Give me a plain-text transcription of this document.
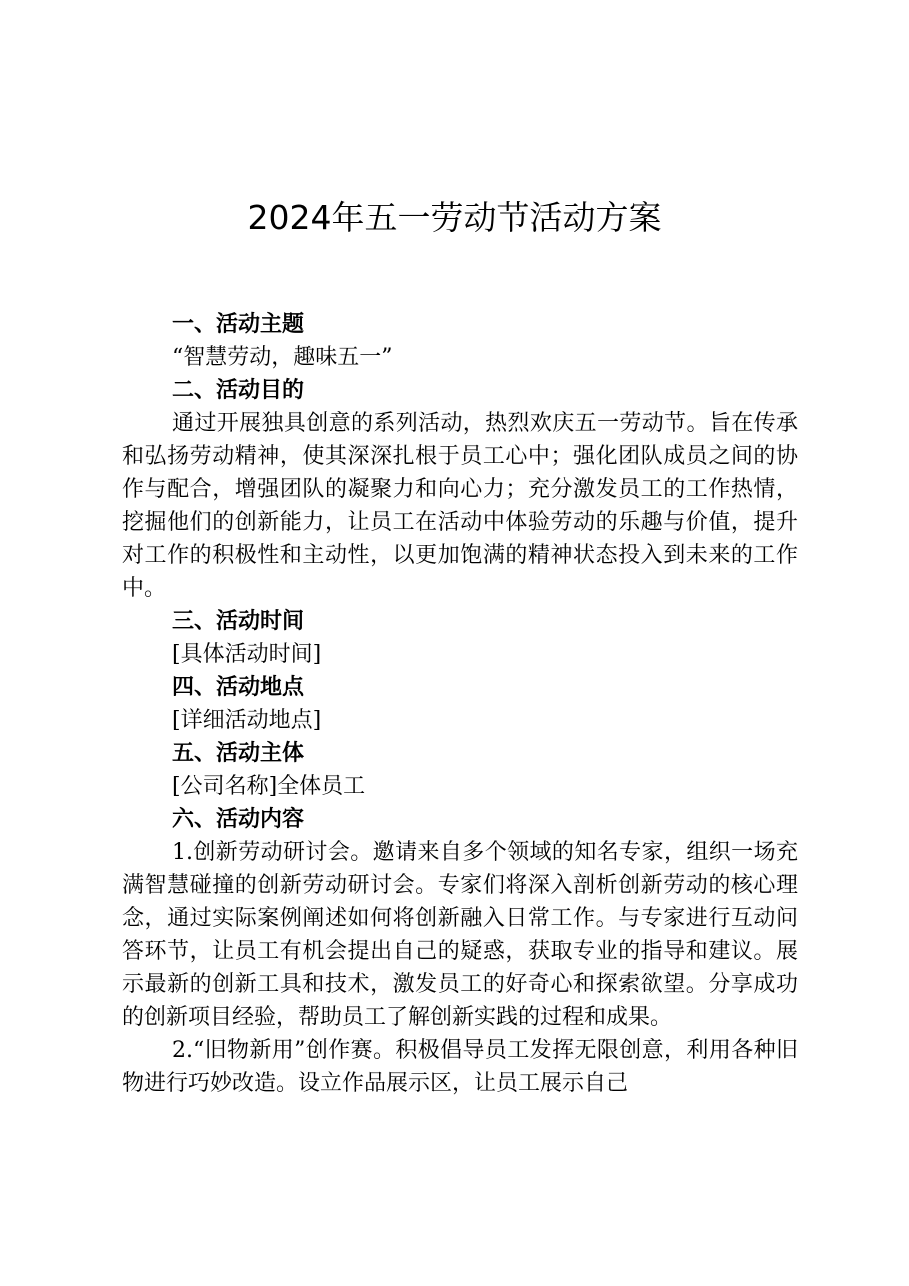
2024年五一劳动节活动方案
一、活动主题
“智慧劳动，趣味五一”
二、活动目的

通过开展独具创意的系列活动，热烈欢庆五一劳动节。旨在传承和弘扬劳动精神，使其深深扎根于员工心中；强化团队成员之间的协作与配合，增强团队的凝聚力和向心力；充分激发员工的工作热情，挖掘他们的创新能力，让员工在活动中体验劳动的乐趣与价值，提升对工作的积极性和主动性，以更加饱满的精神状态投入到未来的工作中。

三、活动时间
[具体活动时间]
四、活动地点
[详细活动地点]
五、活动主体
[公司名称]全体员工
六、活动内容

1.创新劳动研讨会。邀请来自多个领域的知名专家，组织一场充满智慧碰撞的创新劳动研讨会。专家们将深入剖析创新劳动的核心理念，通过实际案例阐述如何将创新融入日常工作。与专家进行互动问答环节，让员工有机会提出自己的疑惑，获取专业的指导和建议。展示最新的创新工具和技术，激发员工的好奇心和探索欲望。分享成功的创新项目经验，帮助员工了解创新实践的过程和成果。

2.“旧物新用”创作赛。积极倡导员工发挥无限创意，利用各种旧物进行巧妙改造。设立作品展示区，让员工展示自己
